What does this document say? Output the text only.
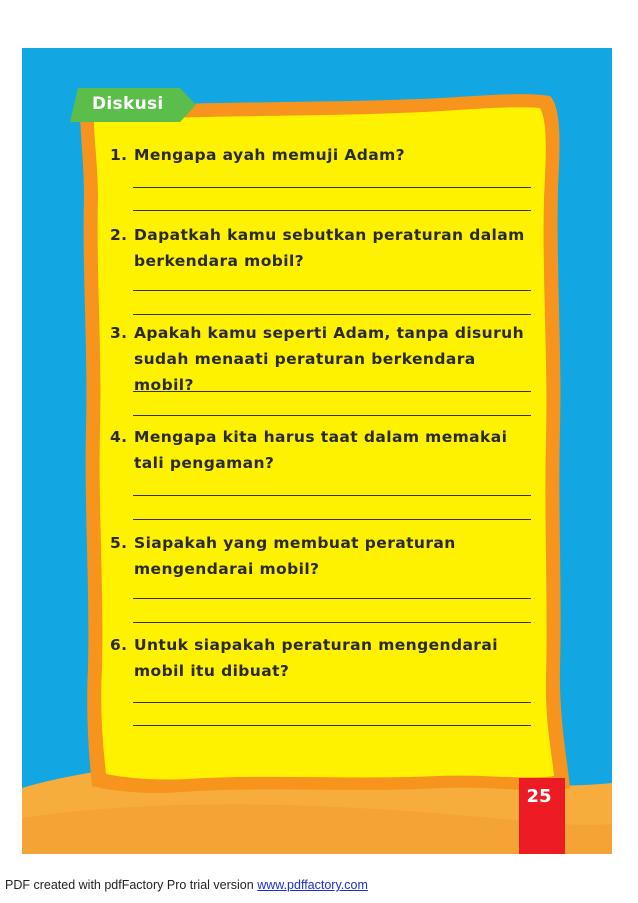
Diskusi
1. Mengapa ayah memuji Adam?
2. Dapatkah kamu sebutkan peraturan dalam berkendara mobil?
3. Apakah kamu seperti Adam, tanpa disuruh sudah menaati peraturan berkendara mobil?
4. Mengapa kita harus taat dalam memakai tali pengaman?
5. Siapakah yang membuat peraturan mengendarai mobil?
6. Untuk siapakah peraturan mengendarai mobil itu dibuat?
25
PDF created with pdfFactory Pro trial version www.pdffactory.com
